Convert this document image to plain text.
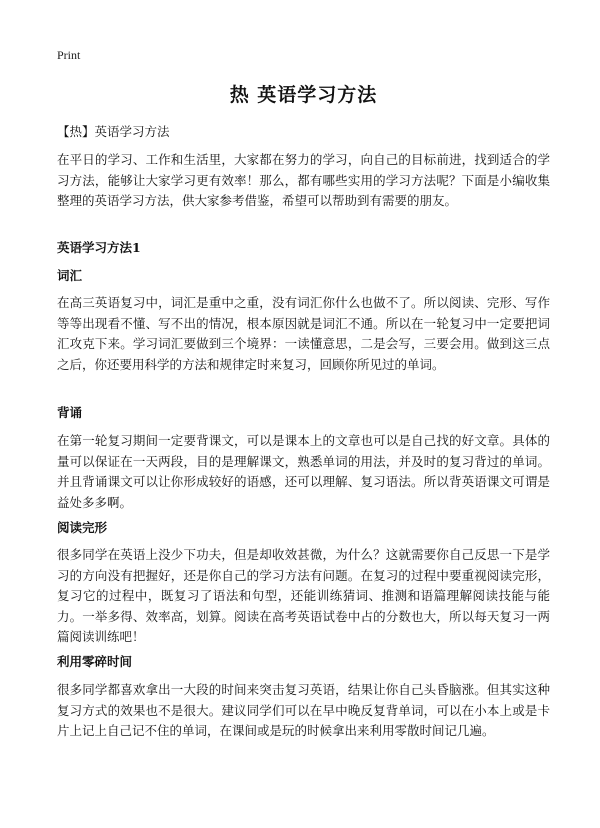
Print
热 英语学习方法
【热】英语学习方法
在平日的学习、工作和生活里，大家都在努力的学习，向自己的目标前进，找到适合的学习方法，能够让大家学习更有效率！那么，都有哪些实用的学习方法呢？下面是小编收集整理的英语学习方法，供大家参考借鉴，希望可以帮助到有需要的朋友。
英语学习方法1
词汇
在高三英语复习中，词汇是重中之重，没有词汇你什么也做不了。所以阅读、完形、写作等等出现看不懂、写不出的情况，根本原因就是词汇不通。所以在一轮复习中一定要把词汇攻克下来。学习词汇要做到三个境界：一读懂意思，二是会写，三要会用。做到这三点之后，你还要用科学的方法和规律定时来复习，回顾你所见过的单词。
背诵
在第一轮复习期间一定要背课文，可以是课本上的文章也可以是自己找的好文章。具体的量可以保证在一天两段，目的是理解课文，熟悉单词的用法，并及时的复习背过的单词。并且背诵课文可以让你形成较好的语感，还可以理解、复习语法。所以背英语课文可谓是益处多多啊。
阅读完形
很多同学在英语上没少下功夫，但是却收效甚微，为什么？这就需要你自己反思一下是学习的方向没有把握好，还是你自己的学习方法有问题。在复习的过程中要重视阅读完形，复习它的过程中，既复习了语法和句型，还能训练猜词、推测和语篇理解阅读技能与能力。一举多得、效率高，划算。阅读在高考英语试卷中占的分数也大，所以每天复习一两篇阅读训练吧！
利用零碎时间
很多同学都喜欢拿出一大段的时间来突击复习英语，结果让你自己头昏脑涨。但其实这种复习方式的效果也不是很大。建议同学们可以在早中晚反复背单词，可以在小本上或是卡片上记上自己记不住的单词，在课间或是玩的时候拿出来利用零散时间记几遍。
